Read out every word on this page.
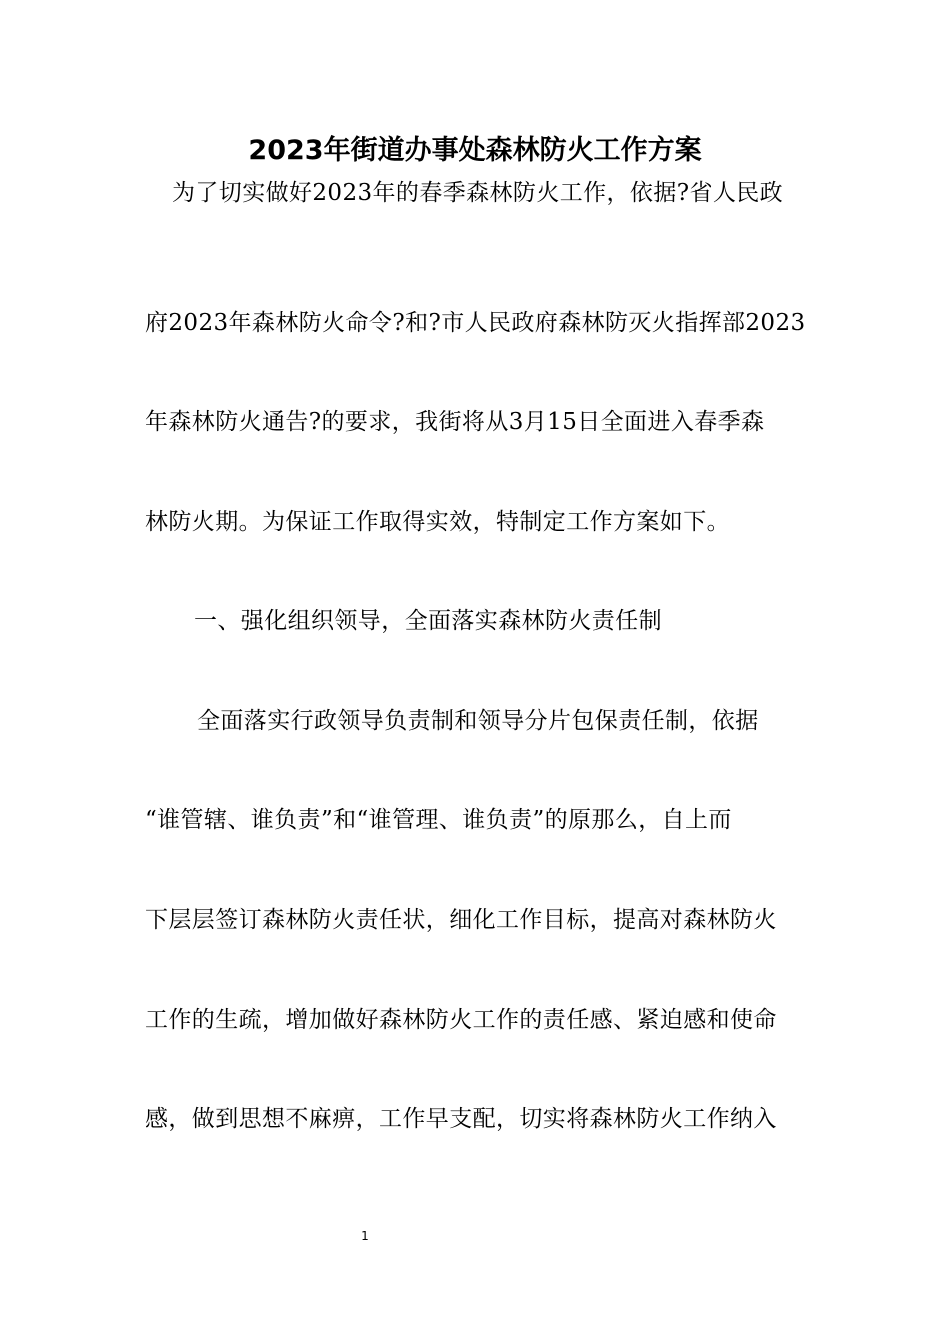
2023年街道办事处森林防火工作方案
为了切实做好2023年的春季森林防火工作，依据?省人民政
府2023年森林防火命令?和?市人民政府森林防灭火指挥部2023
年森林防火通告?的要求，我街将从3月15日全面进入春季森
林防火期。为保证工作取得实效，特制定工作方案如下。
一、强化组织领导，全面落实森林防火责任制
全面落实行政领导负责制和领导分片包保责任制，依据
“谁管辖、谁负责”和“谁管理、谁负责”的原那么，自上而
下层层签订森林防火责任状，细化工作目标，提高对森林防火
工作的生疏，增加做好森林防火工作的责任感、紧迫感和使命
感，做到思想不麻痹，工作早支配，切实将森林防火工作纳入
1
